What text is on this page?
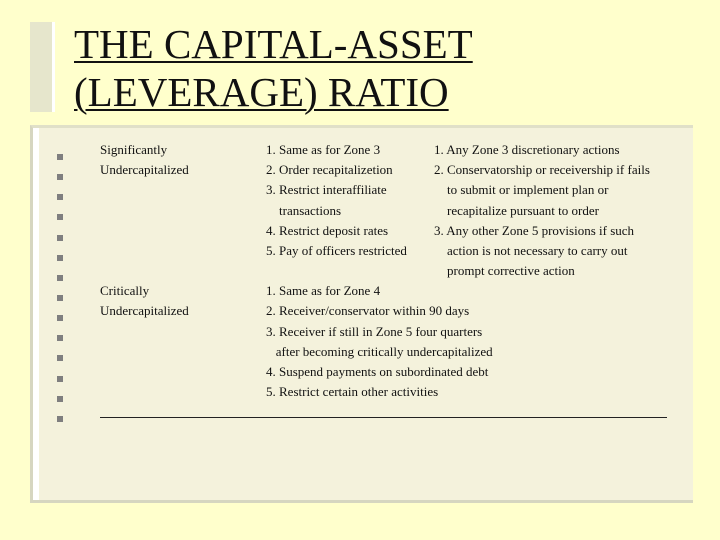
THE CAPITAL-ASSET
(LEVERAGE) RATIO
Significantly
Undercapitalized
1. Same as for Zone 3
2. Order recapitalizetion
3. Restrict interaffiliate
transactions
4. Restrict deposit rates
5. Pay of officers restricted
1. Any Zone 3 discretionary actions
2. Conservatorship or receivership if fails
to submit or implement plan or
recapitalize pursuant to order
3. Any other Zone 5 provisions if such
action is not necessary to carry out
prompt corrective action
Critically
Undercapitalized
1. Same as for Zone 4
2. Receiver/conservator within 90 days
3. Receiver if still in Zone 5 four quarters
after becoming critically undercapitalized
4. Suspend payments on subordinated debt
5. Restrict certain other activities
